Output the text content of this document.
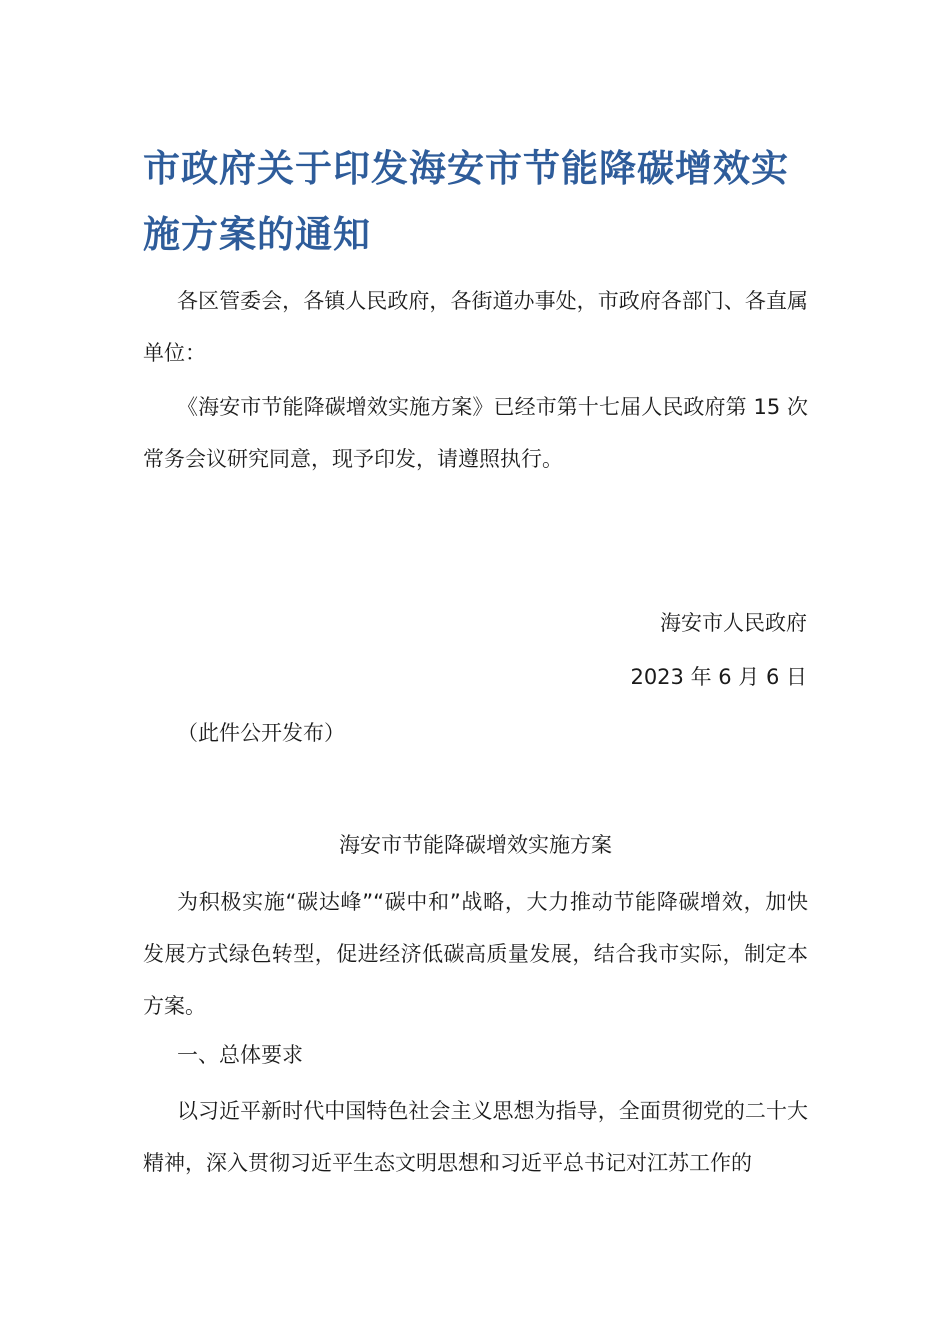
市政府关于印发海安市节能降碳增效实施方案的通知

各区管委会，各镇人民政府，各街道办事处，市政府各部门、各直属单位：

《海安市节能降碳增效实施方案》已经市第十七届人民政府第 15 次常务会议研究同意，现予印发，请遵照执行。

海安市人民政府

2023 年 6 月 6 日

（此件公开发布）

海安市节能降碳增效实施方案

为积极实施“碳达峰”“碳中和”战略，大力推动节能降碳增效，加快发展方式绿色转型，促进经济低碳高质量发展，结合我市实际，制定本方案。

一、总体要求

以习近平新时代中国特色社会主义思想为指导，全面贯彻党的二十大精神，深入贯彻习近平生态文明思想和习近平总书记对江苏工作的
